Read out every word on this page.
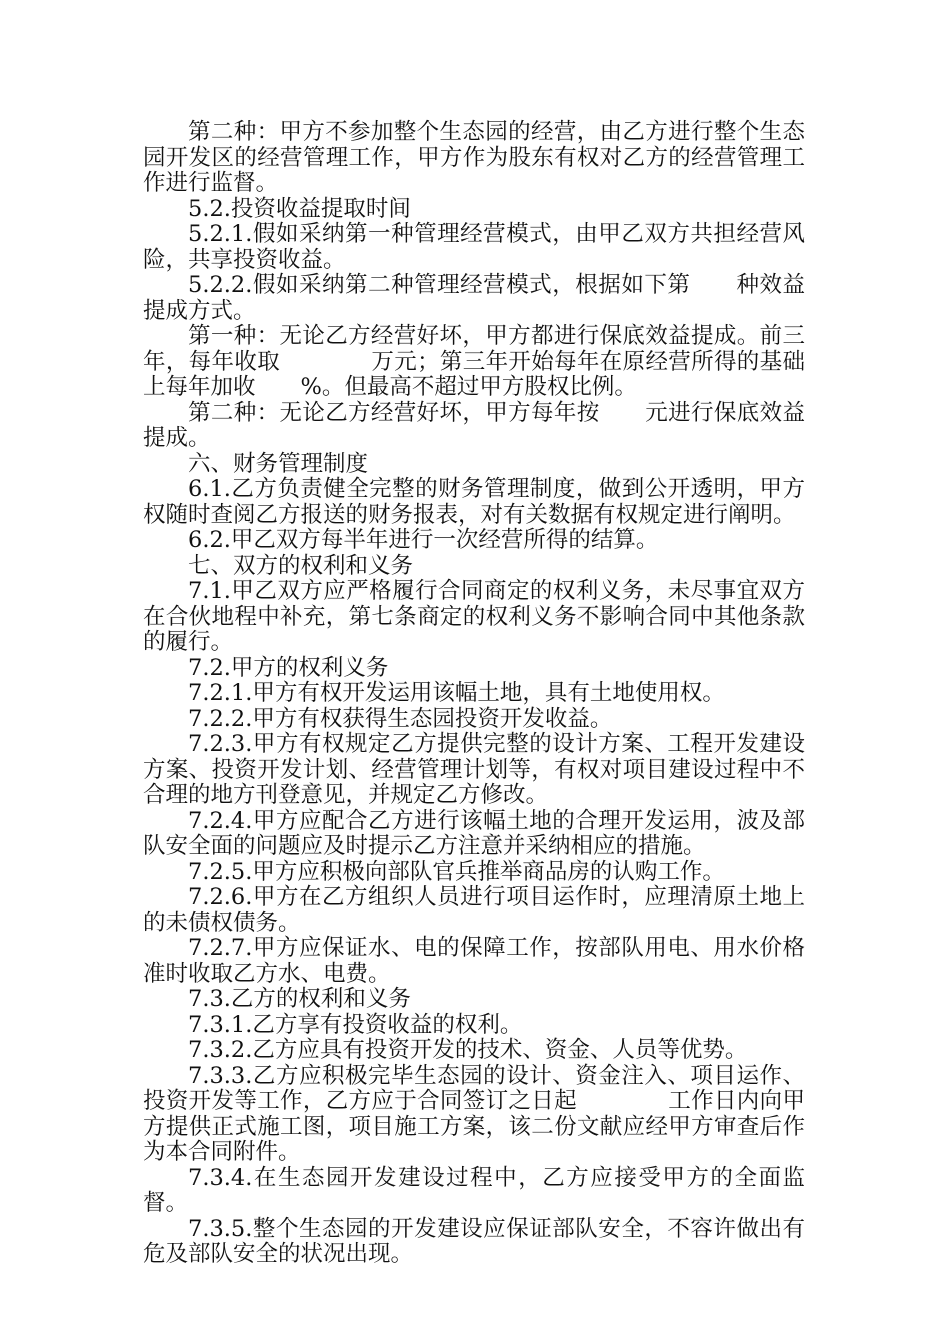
第二种：甲方不参加整个生态园的经营，由乙方进行整个生态园开发区的经营管理工作，甲方作为股东有权对乙方的经营管理工作进行监督。

5.2.投资收益提取时间

5.2.1.假如采纳第一种管理经营模式，由甲乙双方共担经营风险，共享投资收益。

5.2.2.假如采纳第二种管理经营模式，根据如下第　　种效益提成方式。

第一种：无论乙方经营好坏，甲方都进行保底效益提成。前三年，每年收取　　　　万元；第三年开始每年在原经营所得的基础上每年加收　　%。但最高不超过甲方股权比例。

第二种：无论乙方经营好坏，甲方每年按　　元进行保底效益提成。

六、财务管理制度

6.1.乙方负责健全完整的财务管理制度，做到公开透明，甲方权随时查阅乙方报送的财务报表，对有关数据有权规定进行阐明。

6.2.甲乙双方每半年进行一次经营所得的结算。

七、双方的权利和义务

7.1.甲乙双方应严格履行合同商定的权利义务，未尽事宜双方在合伙地程中补充，第七条商定的权利义务不影响合同中其他条款的履行。

7.2.甲方的权利义务

7.2.1.甲方有权开发运用该幅土地，具有土地使用权。

7.2.2.甲方有权获得生态园投资开发收益。

7.2.3.甲方有权规定乙方提供完整的设计方案、工程开发建设方案、投资开发计划、经营管理计划等，有权对项目建设过程中不合理的地方刊登意见，并规定乙方修改。

7.2.4.甲方应配合乙方进行该幅土地的合理开发运用，波及部队安全面的问题应及时提示乙方注意并采纳相应的措施。

7.2.5.甲方应积极向部队官兵推举商品房的认购工作。

7.2.6.甲方在乙方组织人员进行项目运作时，应理清原土地上的未债权债务。

7.2.7.甲方应保证水、电的保障工作，按部队用电、用水价格准时收取乙方水、电费。

7.3.乙方的权利和义务

7.3.1.乙方享有投资收益的权利。

7.3.2.乙方应具有投资开发的技术、资金、人员等优势。

7.3.3.乙方应积极完毕生态园的设计、资金注入、项目运作、投资开发等工作，乙方应于合同签订之日起　　　　工作日内向甲方提供正式施工图，项目施工方案，该二份文献应经甲方审查后作为本合同附件。

7.3.4.在生态园开发建设过程中，乙方应接受甲方的全面监督。

7.3.5.整个生态园的开发建设应保证部队安全，不容许做出有危及部队安全的状况出现。
